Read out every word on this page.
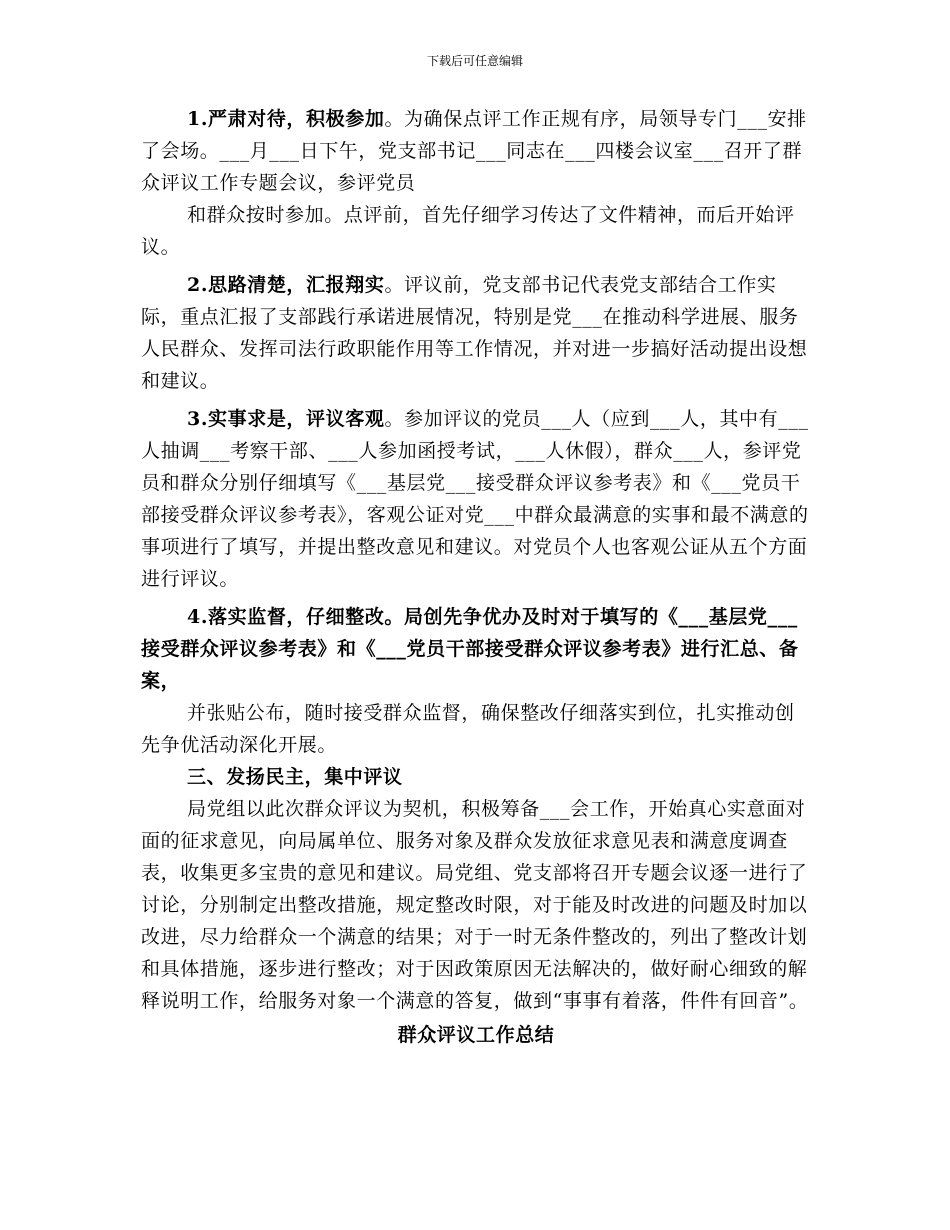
下载后可任意编辑

1.严肃对待，积极参加。为确保点评工作正规有序，局领导专门___安排了会场。___月___日下午，党支部书记___同志在___四楼会议室___召开了群众评议工作专题会议，参评党员

和群众按时参加。点评前，首先仔细学习传达了文件精神，而后开始评议。

2.思路清楚，汇报翔实。评议前，党支部书记代表党支部结合工作实际，重点汇报了支部践行承诺进展情况，特别是党___在推动科学进展、服务人民群众、发挥司法行政职能作用等工作情况，并对进一步搞好活动提出设想和建议。

3.实事求是，评议客观。参加评议的党员___人（应到___人，其中有___人抽调___考察干部、___人参加函授考试，___人休假），群众___人，参评党员和群众分别仔细填写《___基层党___接受群众评议参考表》和《___党员干部接受群众评议参考表》，客观公证对党___中群众最满意的实事和最不满意的事项进行了填写，并提出整改意见和建议。对党员个人也客观公证从五个方面进行评议。

4.落实监督，仔细整改。局创先争优办及时对于填写的《___基层党___接受群众评议参考表》和《___党员干部接受群众评议参考表》进行汇总、备案，

并张贴公布，随时接受群众监督，确保整改仔细落实到位，扎实推动创先争优活动深化开展。

三、发扬民主，集中评议

局党组以此次群众评议为契机，积极筹备___会工作，开始真心实意面对面的征求意见，向局属单位、服务对象及群众发放征求意见表和满意度调查表，收集更多宝贵的意见和建议。局党组、党支部将召开专题会议逐一进行了讨论，分别制定出整改措施，规定整改时限，对于能及时改进的问题及时加以改进，尽力给群众一个满意的结果；对于一时无条件整改的，列出了整改计划和具体措施，逐步进行整改；对于因政策原因无法解决的，做好耐心细致的解释说明工作，给服务对象一个满意的答复，做到“事事有着落，件件有回音”。

群众评议工作总结
